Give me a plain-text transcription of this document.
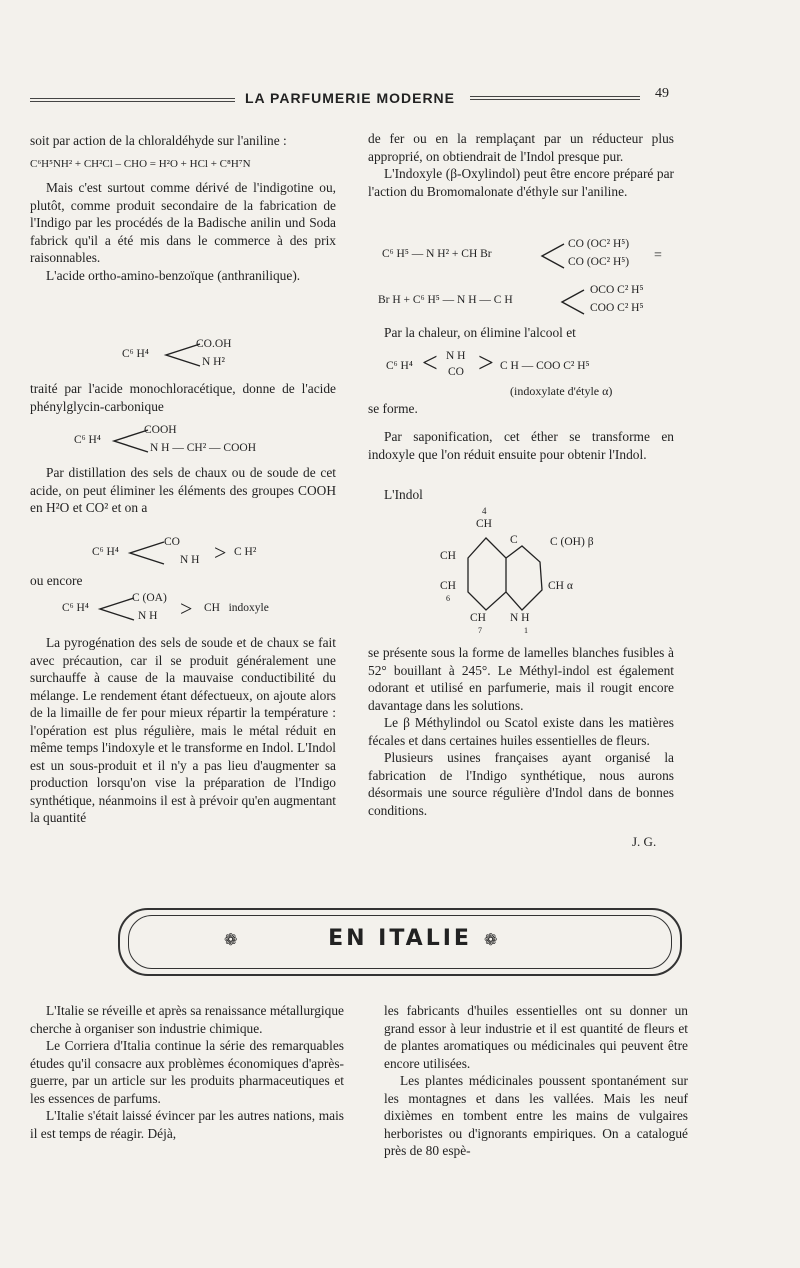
LA PARFUMERIE MODERNE	49

soit par action de la chloraldéhyde sur l'aniline :

C⁶H⁵NH² + CH²Cl – CHO = H²O + HCl + C⁸H⁷N

Mais c'est surtout comme dérivé de l'indigotine ou, plutôt, comme produit secondaire de la fabrication de l'Indigo par les procédés de la Badische anilin und Soda fabrick qu'il a été mis dans le commerce à des prix raisonnables.

L'acide ortho-amino-benzoïque (anthranilique).

C⁶ H⁴
CO.OH
N H²

traité par l'acide monochloracétique, donne de l'acide phénylglycin-carbonique

C⁶ H⁴
COOH
N H — CH² — COOH

Par distillation des sels de chaux ou de soude de cet acide, on peut éliminer les éléments des groupes COOH en H²O et CO² et on a

C⁶ H⁴
CO
N H > C H²

ou encore

C⁶ H⁴
C (OA)
N H > CH   indoxyle

La pyrogénation des sels de soude et de chaux se fait avec précaution, car il se produit généralement une surchauffe à cause de la mauvaise conductibilité du mélange. Le rendement étant défectueux, on ajoute alors de la limaille de fer pour mieux répartir la température : l'opération est plus régulière, mais le métal réduit en même temps l'indoxyle et le transforme en Indol. L'Indol est un sous-produit et il n'y a pas lieu d'augmenter sa production lorsqu'on vise la préparation de l'Indigo synthétique, néanmoins il est à prévoir qu'en augmentant la quantité

de fer ou en la remplaçant par un réducteur plus approprié, on obtiendrait de l'Indol presque pur.

L'Indoxyle (β-Oxylindol) peut être encore préparé par l'action du Bromomalonate d'éthyle sur l'aniline.

C⁶ H⁵ — N H² + CH Br
CO (OC² H⁵)
CO (OC² H⁵) =
Br H + C⁶ H⁵ — N H — C H
OCO C² H⁵
COO C² H⁵

Par la chaleur, on élimine l'alcool et

C⁶ H⁴ < N H
CO > C H — COO C² H⁵
(indoxylate d'étyle α)

se forme.

Par saponification, cet éther se transforme en indoxyle que l'on réduit ensuite pour obtenir l'Indol.

L'Indol

4
CH
C	C (OH) β
CH
CH
6
CH α
CH N H
7	1

se présente sous la forme de lamelles blanches fusibles à 52° bouillant à 245°. Le Méthyl-indol est également odorant et utilisé en parfumerie, mais il rougit encore davantage dans les solutions.

Le β Méthylindol ou Scatol existe dans les matières fécales et dans certaines huiles essentielles de fleurs.

Plusieurs usines françaises ayant organisé la fabrication de l'Indigo synthétique, nous aurons désormais une source régulière d'Indol dans de bonnes conditions.

J. G.
❁	EN ITALIE ❁

L'Italie se réveille et après sa renaissance métallurgique cherche à organiser son industrie chimique.

Le Corriera d'Italia continue la série des remarquables études qu'il consacre aux problèmes économiques d'après-guerre, par un article sur les produits pharmaceutiques et les essences de parfums.

L'Italie s'était laissé évincer par les autres nations, mais il est temps de réagir. Déjà,

les fabricants d'huiles essentielles ont su donner un grand essor à leur industrie et il est quantité de fleurs et de plantes aromatiques ou médicinales qui peuvent être encore utilisées.

Les plantes médicinales poussent spontanément sur les montagnes et dans les vallées. Mais les neuf dixièmes en tombent entre les mains de vulgaires herboristes ou d'ignorants empiriques. On a catalogué près de 80 espè-
